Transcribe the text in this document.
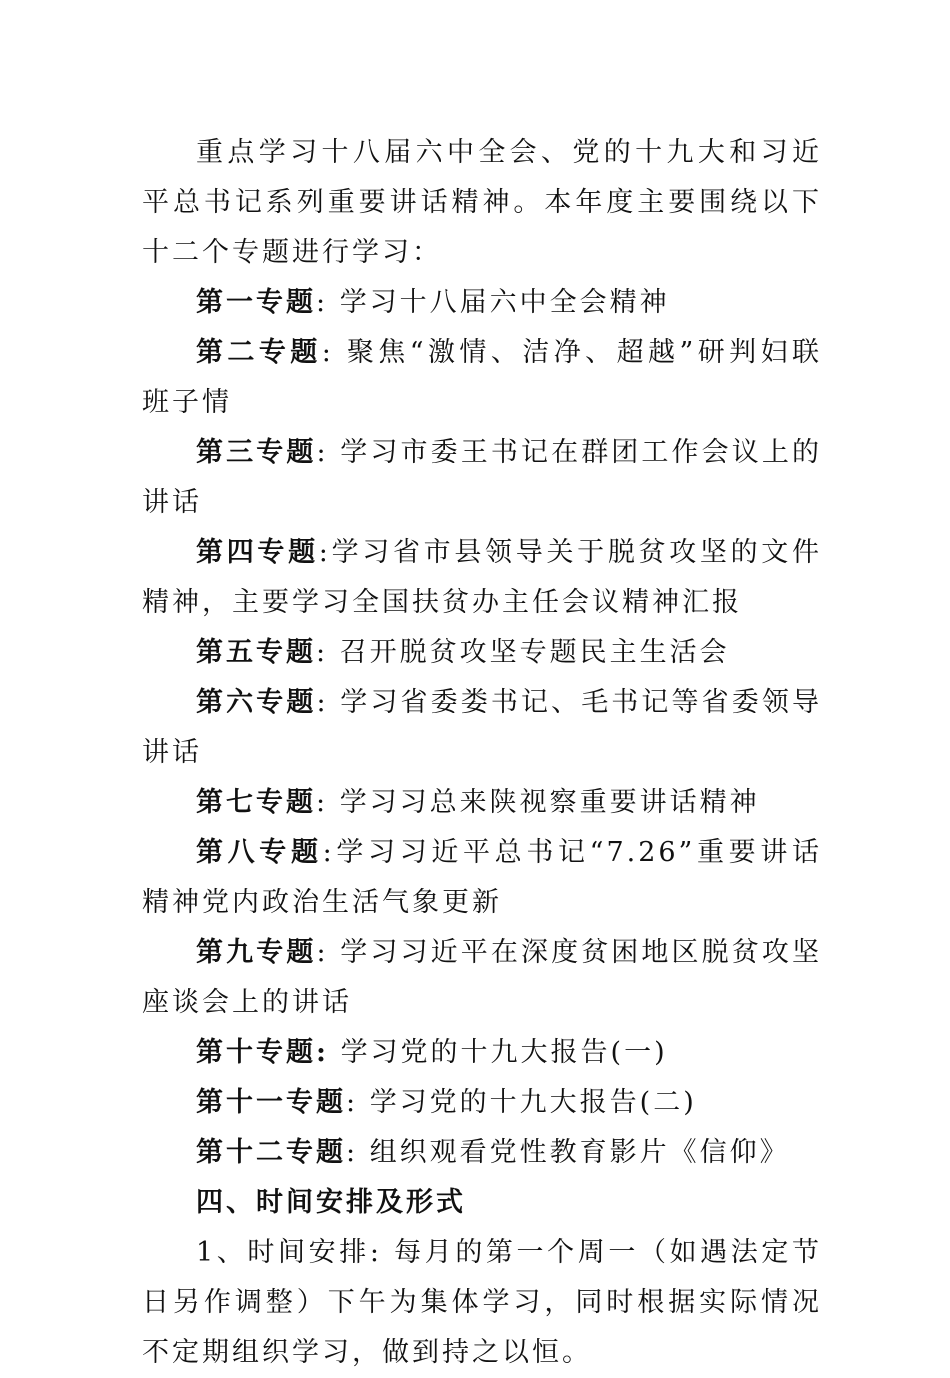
重点学习十八届六中全会、党的十九大和习近平总书记系列重要讲话精神。本年度主要围绕以下十二个专题进行学习：

第一专题: 学习十八届六中全会精神

第二专题: 聚焦“激情、洁净、超越”研判妇联班子情

第三专题: 学习市委王书记在群团工作会议上的讲话

第四专题:学习省市县领导关于脱贫攻坚的文件精神，主要学习全国扶贫办主任会议精神汇报

第五专题: 召开脱贫攻坚专题民主生活会

第六专题: 学习省委娄书记、毛书记等省委领导讲话

第七专题: 学习习总来陕视察重要讲话精神

第八专题:学习习近平总书记“7.26”重要讲话精神党内政治生活气象更新

第九专题: 学习习近平在深度贫困地区脱贫攻坚座谈会上的讲话

第十专题: 学习党的十九大报告(一)

第十一专题: 学习党的十九大报告(二)

第十二专题: 组织观看党性教育影片《信仰》

四、时间安排及形式

1、时间安排: 每月的第一个周一（如遇法定节日另作调整）下午为集体学习，同时根据实际情况不定期组织学习，做到持之以恒。
